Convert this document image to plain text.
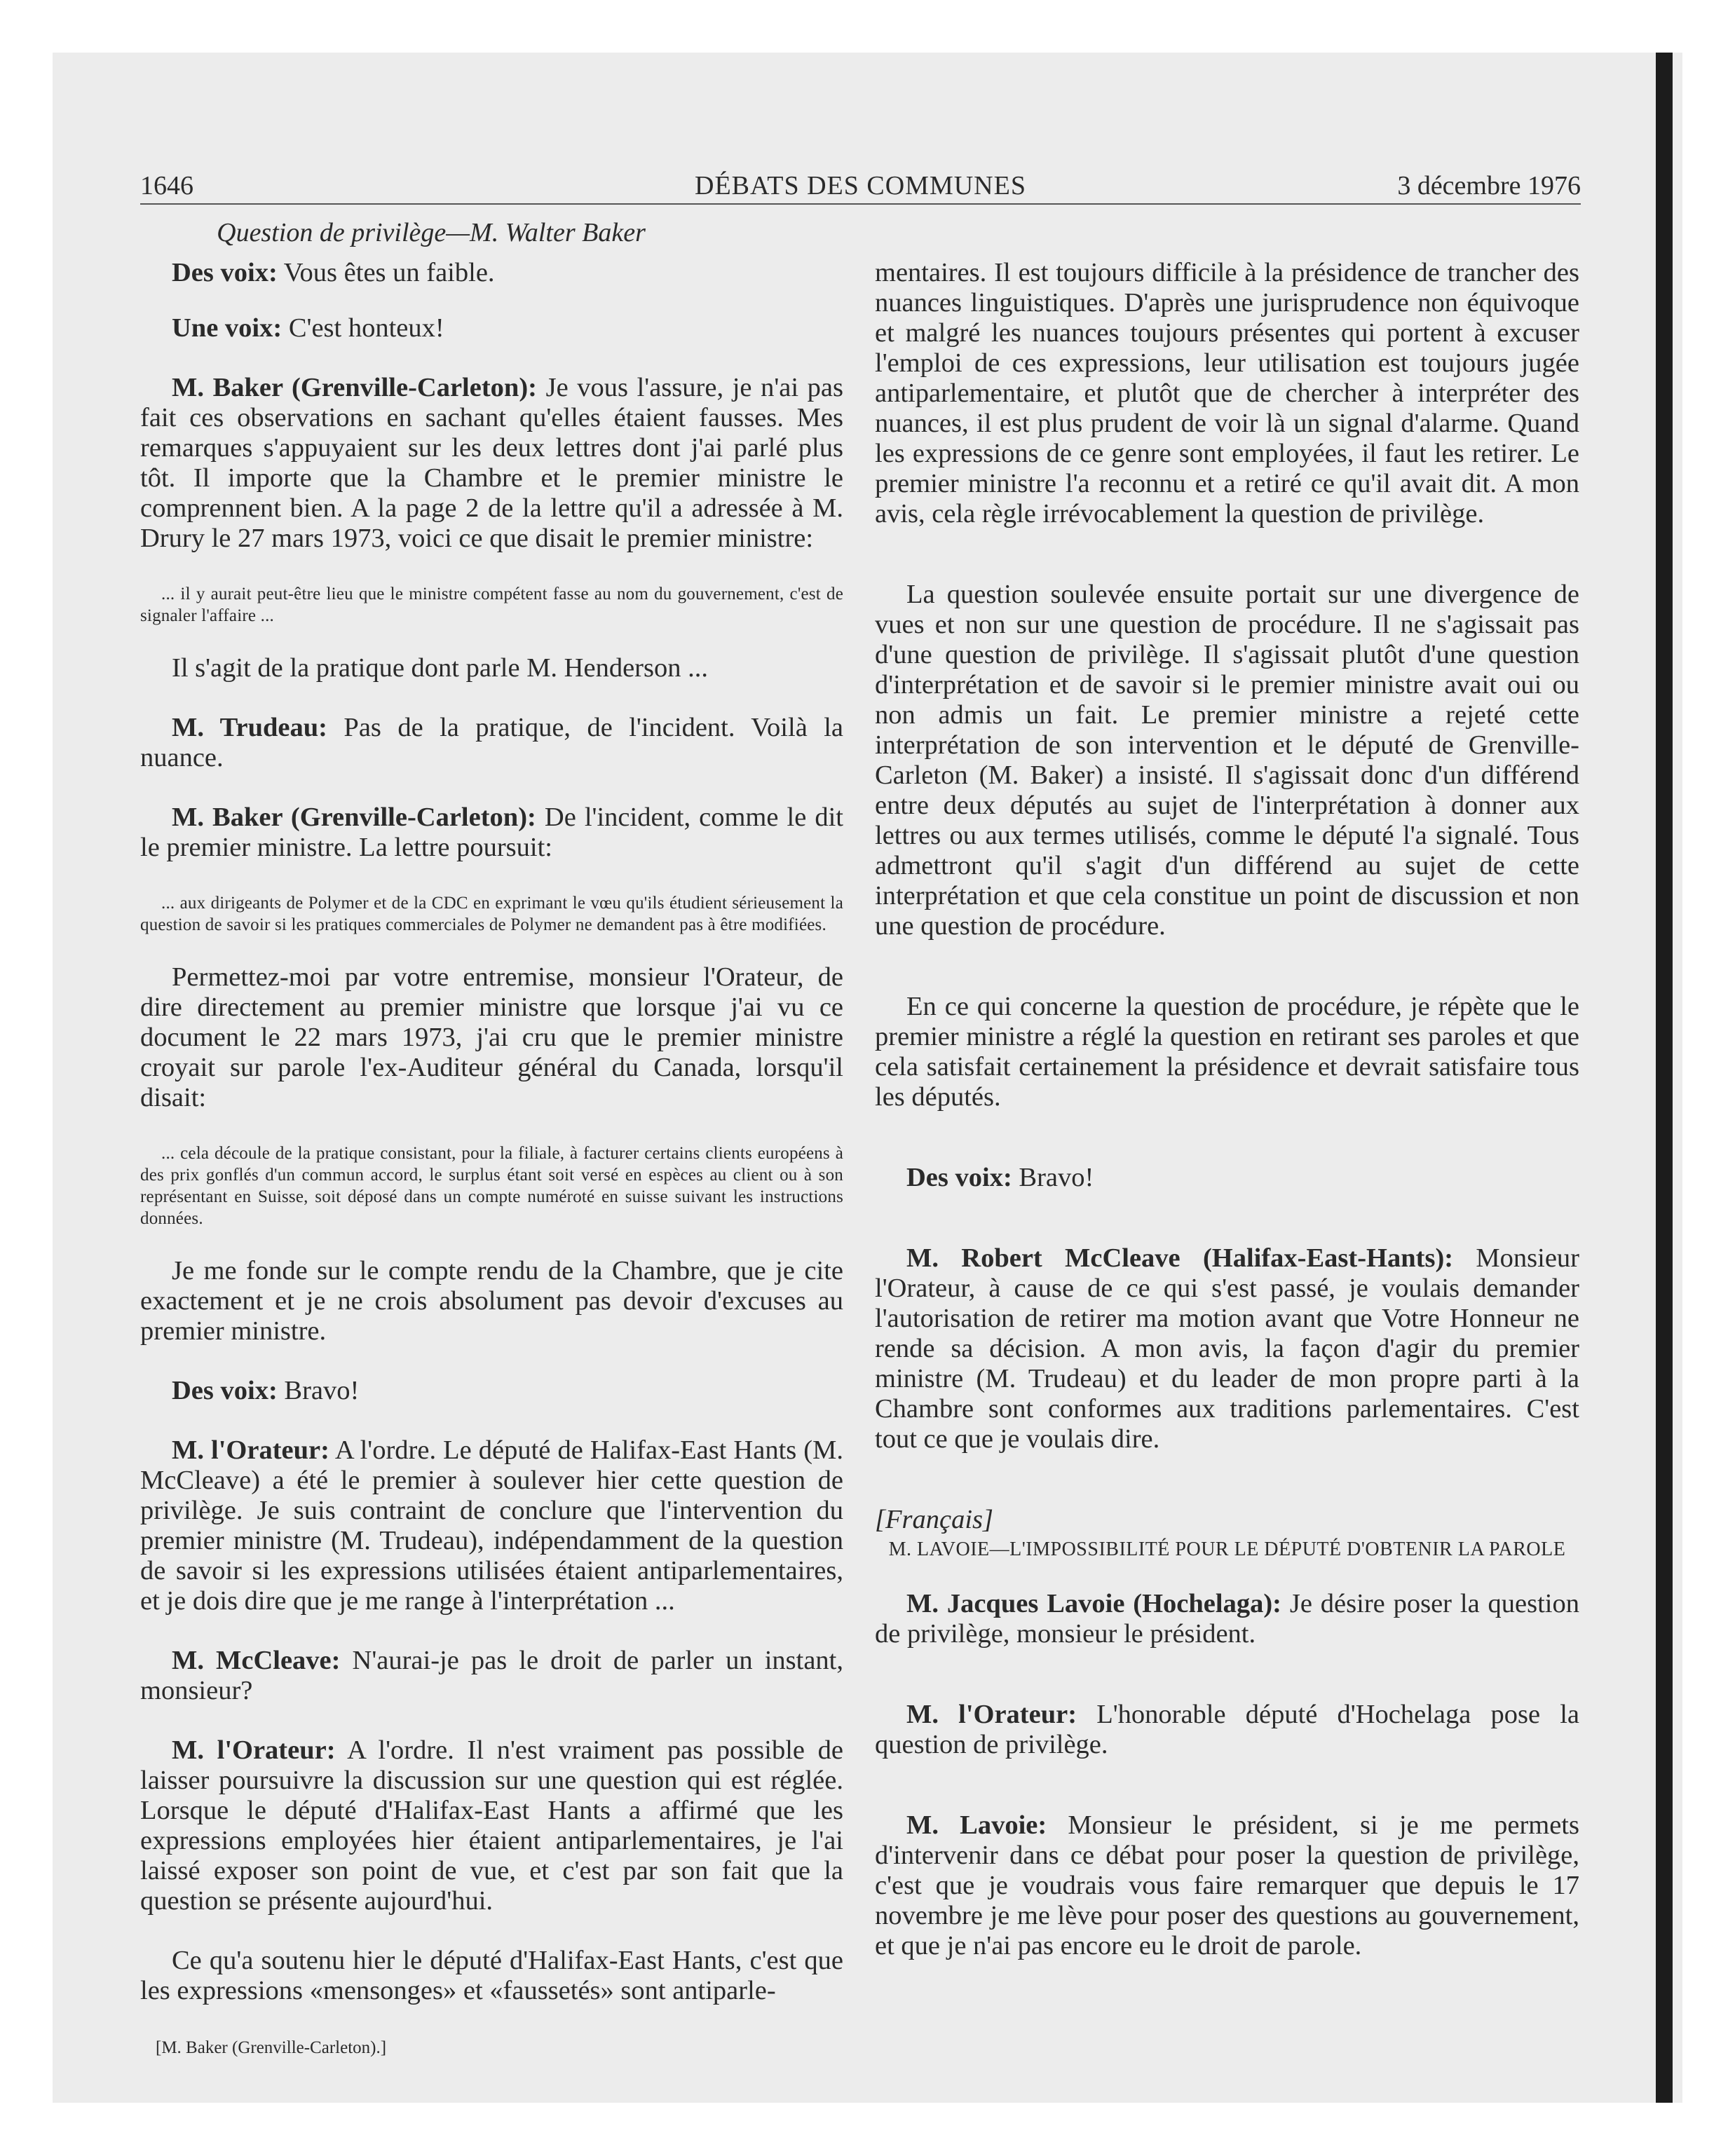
1646	DÉBATS DES COMMUNES	3 décembre 1976
Question de privilège—M. Walter Baker

Des voix: Vous êtes un faible.

Une voix: C'est honteux!

M. Baker (Grenville-Carleton): Je vous l'assure, je n'ai pas fait ces observations en sachant qu'elles étaient fausses. Mes remarques s'appuyaient sur les deux lettres dont j'ai parlé plus tôt. Il importe que la Chambre et le premier ministre le comprennent bien. A la page 2 de la lettre qu'il a adressée à M. Drury le 27 mars 1973, voici ce que disait le premier ministre:

... il y aurait peut-être lieu que le ministre compétent fasse au nom du gouvernement, c'est de signaler l'affaire ...

Il s'agit de la pratique dont parle M. Henderson ...

M. Trudeau: Pas de la pratique, de l'incident. Voilà la nuance.

M. Baker (Grenville-Carleton): De l'incident, comme le dit le premier ministre. La lettre poursuit:

... aux dirigeants de Polymer et de la CDC en exprimant le vœu qu'ils étudient sérieusement la question de savoir si les pratiques commerciales de Polymer ne demandent pas à être modifiées.

Permettez-moi par votre entremise, monsieur l'Orateur, de dire directement au premier ministre que lorsque j'ai vu ce document le 22 mars 1973, j'ai cru que le premier ministre croyait sur parole l'ex-Auditeur général du Canada, lorsqu'il disait:

... cela découle de la pratique consistant, pour la filiale, à facturer certains clients européens à des prix gonflés d'un commun accord, le surplus étant soit versé en espèces au client ou à son représentant en Suisse, soit déposé dans un compte numéroté en suisse suivant les instructions données.

Je me fonde sur le compte rendu de la Chambre, que je cite exactement et je ne crois absolument pas devoir d'excuses au premier ministre.

Des voix: Bravo!

M. l'Orateur: A l'ordre. Le député de Halifax-East Hants (M. McCleave) a été le premier à soulever hier cette question de privilège. Je suis contraint de conclure que l'intervention du premier ministre (M. Trudeau), indépendamment de la question de savoir si les expressions utilisées étaient antiparlementaires, et je dois dire que je me range à l'interprétation ...

M. McCleave: N'aurai-je pas le droit de parler un instant, monsieur?

M. l'Orateur: A l'ordre. Il n'est vraiment pas possible de laisser poursuivre la discussion sur une question qui est réglée. Lorsque le député d'Halifax-East Hants a affirmé que les expressions employées hier étaient antiparlementaires, je l'ai laissé exposer son point de vue, et c'est par son fait que la question se présente aujourd'hui.

Ce qu'a soutenu hier le député d'Halifax-East Hants, c'est que les expressions «mensonges» et «faussetés» sont antiparle-

mentaires. Il est toujours difficile à la présidence de trancher des nuances linguistiques. D'après une jurisprudence non équivoque et malgré les nuances toujours présentes qui portent à excuser l'emploi de ces expressions, leur utilisation est toujours jugée antiparlementaire, et plutôt que de chercher à interpréter des nuances, il est plus prudent de voir là un signal d'alarme. Quand les expressions de ce genre sont employées, il faut les retirer. Le premier ministre l'a reconnu et a retiré ce qu'il avait dit. A mon avis, cela règle irrévocablement la question de privilège.

La question soulevée ensuite portait sur une divergence de vues et non sur une question de procédure. Il ne s'agissait pas d'une question de privilège. Il s'agissait plutôt d'une question d'interprétation et de savoir si le premier ministre avait oui ou non admis un fait. Le premier ministre a rejeté cette interprétation de son intervention et le député de Grenville-Carleton (M. Baker) a insisté. Il s'agissait donc d'un différend entre deux députés au sujet de l'interprétation à donner aux lettres ou aux termes utilisés, comme le député l'a signalé. Tous admettront qu'il s'agit d'un différend au sujet de cette interprétation et que cela constitue un point de discussion et non une question de procédure.

En ce qui concerne la question de procédure, je répète que le premier ministre a réglé la question en retirant ses paroles et que cela satisfait certainement la présidence et devrait satisfaire tous les députés.

Des voix: Bravo!

M. Robert McCleave (Halifax-East-Hants): Monsieur l'Orateur, à cause de ce qui s'est passé, je voulais demander l'autorisation de retirer ma motion avant que Votre Honneur ne rende sa décision. A mon avis, la façon d'agir du premier ministre (M. Trudeau) et du leader de mon propre parti à la Chambre sont conformes aux traditions parlementaires. C'est tout ce que je voulais dire.

[Français]

M. LAVOIE—L'IMPOSSIBILITÉ POUR LE DÉPUTÉ D'OBTENIR LA PAROLE

M. Jacques Lavoie (Hochelaga): Je désire poser la question de privilège, monsieur le président.

M. l'Orateur: L'honorable député d'Hochelaga pose la question de privilège.

M. Lavoie: Monsieur le président, si je me permets d'intervenir dans ce débat pour poser la question de privilège, c'est que je voudrais vous faire remarquer que depuis le 17 novembre je me lève pour poser des questions au gouvernement, et que je n'ai pas encore eu le droit de parole.

[M. Baker (Grenville-Carleton).]
